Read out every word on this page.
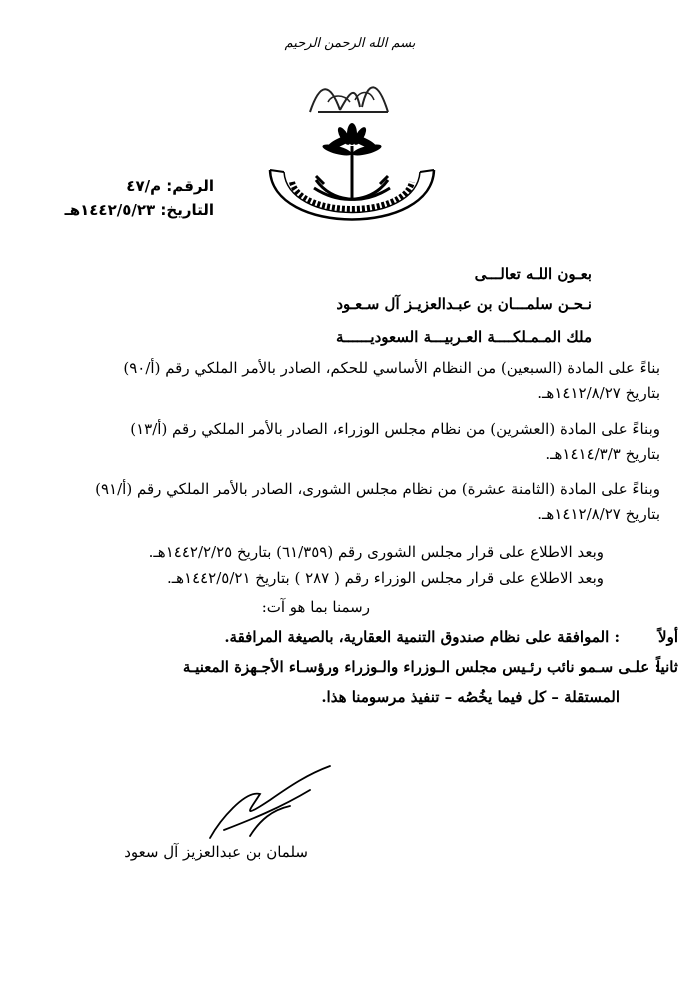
بسم الله الرحمن الرحيم
الرقم: م/٤٧
التاريخ: ١٤٤٢/٥/٢٣هـ
بعـون اللـه تعالـــى
نـحـن سلمـــان بن عبـدالعزيـز آل سـعـود
ملك المـمـلكــــة العـربيـــة السعوديــــــة
بناءً على المادة (السبعين) من النظام الأساسي للحكم، الصادر بالأمر الملكي رقم (أ/٩٠)
بتاريخ ١٤١٢/٨/٢٧هـ.
وبناءً على المادة (العشرين) من نظام مجلس الوزراء، الصادر بالأمر الملكي رقم (أ/١٣)
بتاريخ ١٤١٤/٣/٣هـ.
وبناءً على المادة (الثامنة عشرة) من نظام مجلس الشورى، الصادر بالأمر الملكي رقم (أ/٩١)
بتاريخ ١٤١٢/٨/٢٧هـ.
وبعد الاطلاع على قرار مجلس الشورى رقم (٦١/٣٥٩) بتاريخ ١٤٤٢/٢/٢٥هـ.
وبعد الاطلاع على قرار مجلس الوزراء رقم ( ٢٨٧ ) بتاريخ ١٤٤٢/٥/٢١هـ.
رسمنا بما هو آت:
أولاً
: الموافقة على نظام صندوق التنمية العقارية، بالصيغة المرافقة.
ثانياً
: علـى سـمو نائب رئـيس مجلس الـوزراء والـوزراء ورؤسـاء الأجـهزة المعنيـة
المستقلة – كل فيما يخُصُه – تنفيذ مرسومنا هذا.
سلمان بن عبدالعزيز آل سعود
